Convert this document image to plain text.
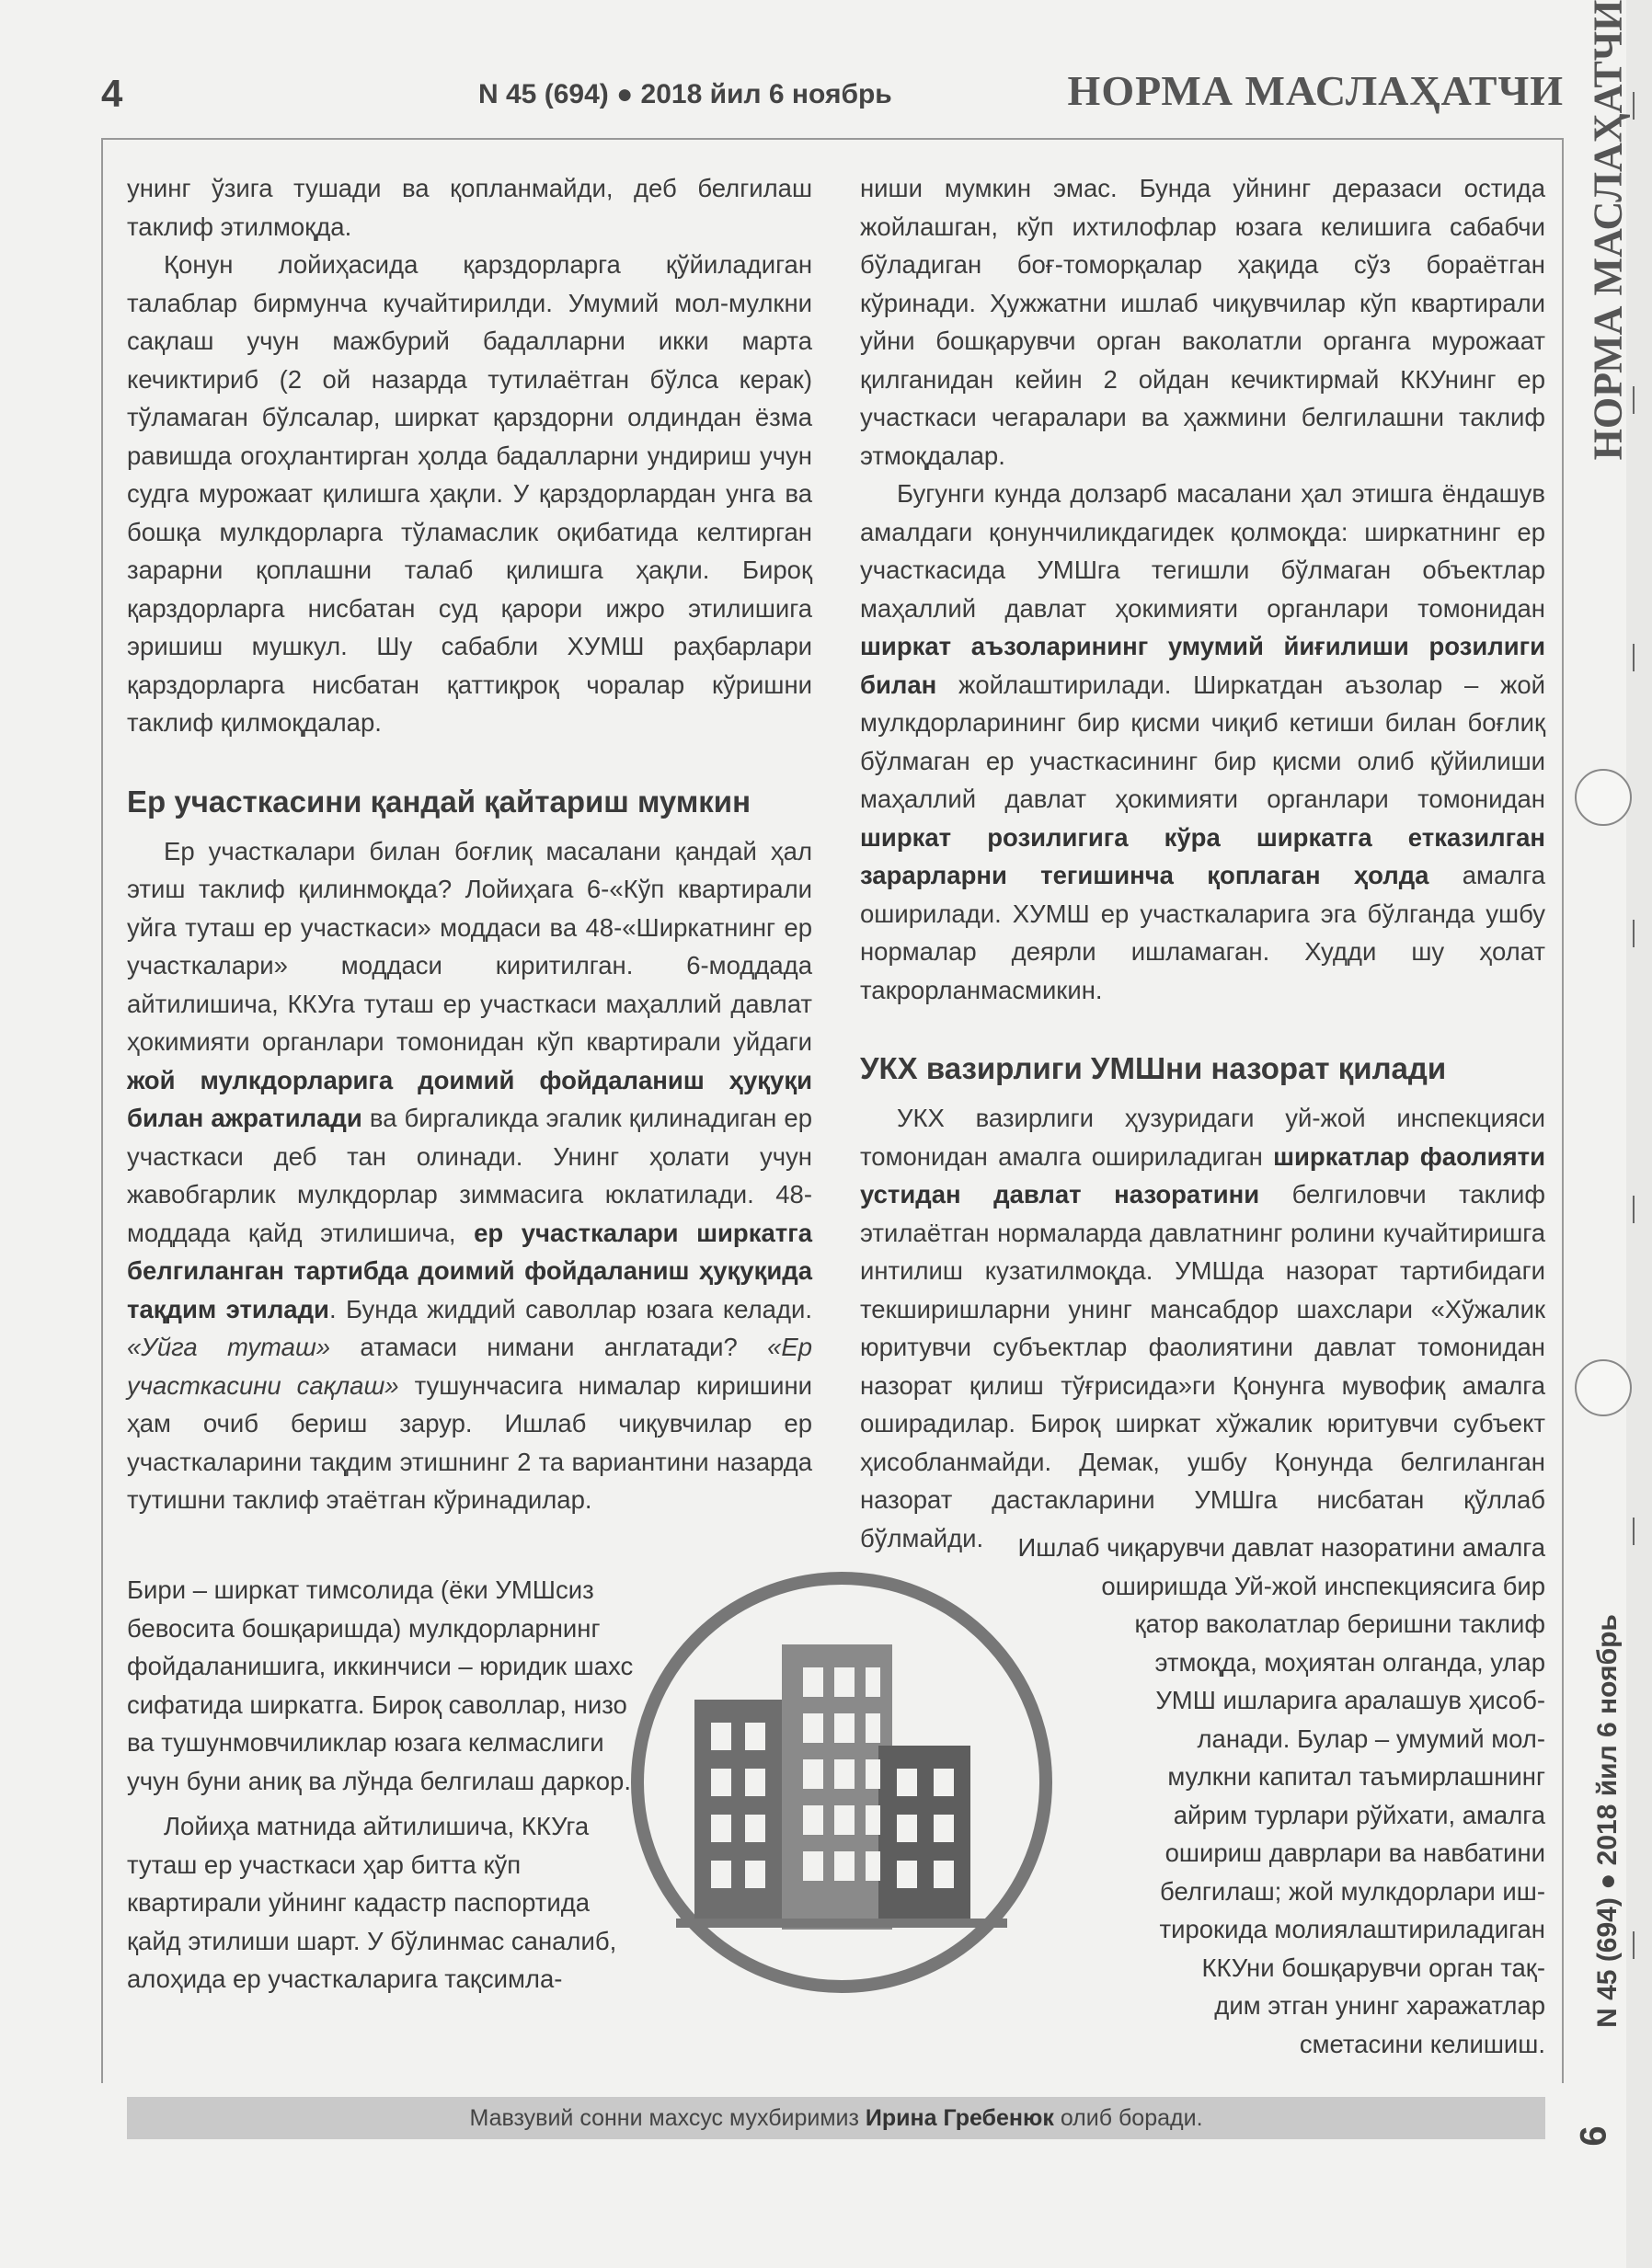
4	N 45 (694) ● 2018 йил 6 ноябрь	НОРМА МАСЛАҲАТЧИ

унинг ўзига тушади ва қопланмайди, деб белгилаш таклиф этилмоқда.

Қонун лойиҳасида қарздорларга қўйиладиган талаблар бирмунча кучайтирилди. Умумий мол-мулкни сақлаш учун мажбурий бадалларни икки марта кечиктириб (2 ой назарда тутилаётган бўлса керак) тўламаган бўлсалар, ширкат қарздорни олдиндан ёзма равишда огоҳлантирган ҳолда бадалларни ундириш учун судга мурожаат қилишга ҳақли. У қарздорлардан унга ва бошқа мулкдорларга тўламаслик оқибатида келтирган зарарни қоплашни талаб қилишга ҳақли. Бироқ қарздорларга нисбатан суд қарори ижро этилишига эришиш мушкул. Шу сабабли ХУМШ раҳбарлари қарздорларга нисбатан қаттиқроқ чоралар кўришни таклиф қилмоқдалар.

Ер участкасини қандай қайтариш мумкин

Ер участкалари билан боғлиқ масалани қандай ҳал этиш таклиф қилинмоқда? Лойиҳага 6-«Кўп квартирали уйга туташ ер участкаси» моддаси ва 48-«Ширкатнинг ер участкалари» моддаси киритилган. 6-моддада айтилишича, ККУга туташ ер участкаси маҳаллий давлат ҳокимияти органлари томонидан кўп квартирали уйдаги жой мулкдорларига доимий фойдаланиш ҳуқуқи билан ажратилади ва биргаликда эгалик қилинадиган ер участкаси деб тан олинади. Унинг ҳолати учун жавобгарлик мулкдорлар зиммасига юклатилади. 48-моддада қайд этилишича, ер участкалари ширкатга белгиланган тартибда доимий фойдаланиш ҳуқуқида тақдим этилади. Бунда жиддий саволлар юзага келади. «Уйга туташ» атамаси нимани англатади? «Ер участкасини сақлаш» тушунчасига нималар киришини ҳам очиб бериш зарур. Ишлаб чиқувчилар ер участкаларини тақдим этишнинг 2 та вариантини назарда тутишни таклиф этаётган кўринадилар.

Бири – ширкат тимсолида (ёки УМШсиз бевосита бошқаришда) мулкдорларнинг фойдаланишига, иккинчиси – юридик шахс сифатида ширкатга. Бироқ саволлар, низо ва тушунмовчиликлар юзага келмаслиги учун буни аниқ ва лўнда белгилаш даркор.

Лойиҳа матнида айтилишича, ККУга туташ ер участкаси ҳар битта кўп квартирали уйнинг кадастр паспортида қайд этилиши шарт. У бўлинмас саналиб, алоҳида ер участкаларига тақсимла-

ниши мумкин эмас. Бунда уйнинг деразаси остида жойлашган, кўп ихтилофлар юзага келишига сабабчи бўладиган боғ-томорқалар ҳақида сўз бораётган кўринади. Ҳужжатни ишлаб чиқувчилар кўп квартирали уйни бошқарувчи орган ваколатли органга мурожаат қилганидан кейин 2 ойдан кечиктирмай ККУнинг ер участкаси чегаралари ва ҳажмини белгилашни таклиф этмоқдалар.

Бугунги кунда долзарб масалани ҳал этишга ёндашув амалдаги қонунчиликдагидек қолмоқда: ширкатнинг ер участкасида УМШга тегишли бўлмаган объектлар маҳаллий давлат ҳокимияти органлари томонидан ширкат аъзоларининг умумий йиғилиши розилиги билан жойлаштирилади. Ширкатдан аъзолар – жой мулкдорларининг бир қисми чиқиб кетиши билан боғлиқ бўлмаган ер участкасининг бир қисми олиб қўйилиши маҳаллий давлат ҳокимияти органлари томонидан ширкат розилигига кўра ширкатга етказилган зарарларни тегишинча қоплаган ҳолда амалга оширилади. ХУМШ ер участкаларига эга бўлганда ушбу нормалар деярли ишламаган. Худди шу ҳолат такрорланмасмикин.

УКХ вазирлиги УМШни назорат қилади

УКХ вазирлиги ҳузуридаги уй-жой инспекцияси томонидан амалга ошириладиган ширкатлар фаолияти устидан давлат назоратини белгиловчи таклиф этилаётган нормаларда давлатнинг ролини кучайтиришга интилиш кузатилмоқда. УМШда назорат тартибидаги текширишларни унинг мансабдор шахслари «Хўжалик юритувчи субъектлар фаолиятини давлат томонидан назорат қилиш тўғрисида»ги Қонунга мувофиқ амалга оширадилар. Бироқ ширкат хўжалик юритувчи субъект ҳисобланмайди. Демак, ушбу Қонунда белгиланган назорат дастакларини УМШга нисбатан қўллаб бўлмайди.	Ишлаб чиқарувчи давлат назоратини амалга
оширишда Уй-жой инспекциясига бир
қатор ваколатлар беришни таклиф
этмоқда, моҳиятан олганда, улар
УМШ ишларига аралашув ҳисоб-
ланади. Булар – умумий мол-
мулкни капитал таъмирлашнинг
айрим турлари рўйхати, амалга
ошириш даврлари ва навбатини
белгилаш; жой мулкдорлари иш-
тирокида молиялаштириладиган
ККУни бошқарувчи орган тақ-
дим этган унинг харажатлар
сметасини келишиш.
Мавзувий сонни махсус мухбиримиз Ирина Гребенюк олиб боради.
НОРМА МАСЛАҲАТЧИ
N 45 (694) ● 2018 йил 6 ноябрь
6
